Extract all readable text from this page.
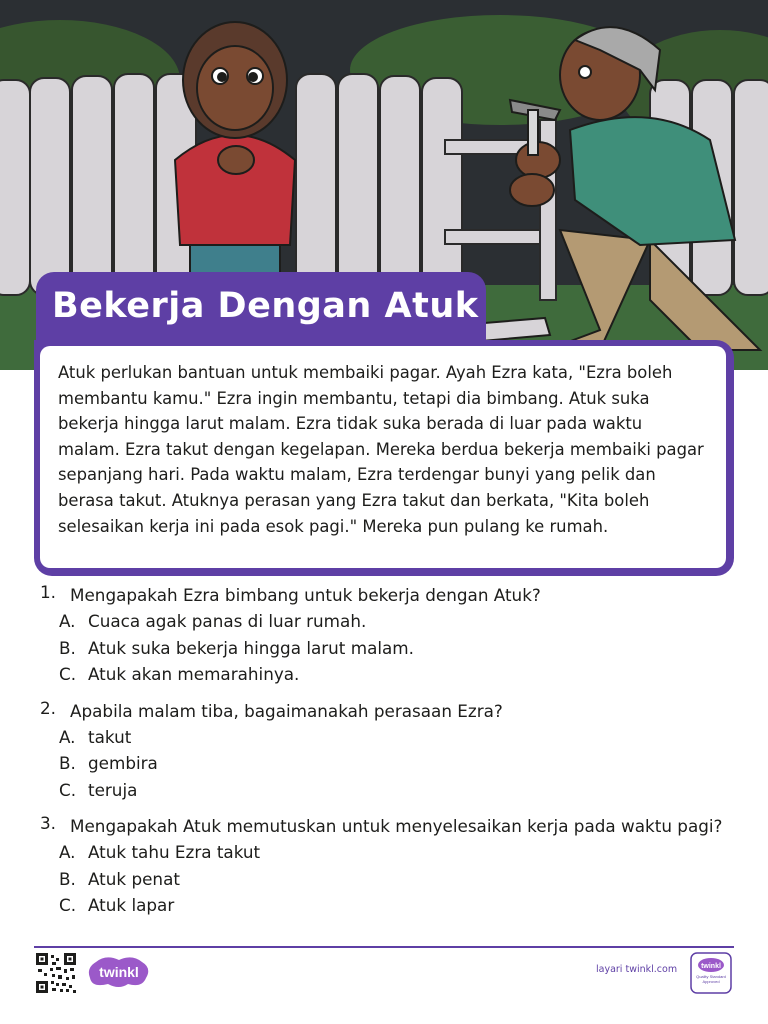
Bekerja Dengan Atuk
Atuk perlukan bantuan untuk membaiki pagar. Ayah Ezra kata, "Ezra boleh membantu kamu." Ezra ingin membantu, tetapi dia bimbang. Atuk suka bekerja hingga larut malam. Ezra tidak suka berada di luar pada waktu malam. Ezra takut dengan kegelapan. Mereka berdua bekerja membaiki pagar sepanjang hari. Pada waktu malam, Ezra terdengar bunyi yang pelik dan berasa takut. Atuknya perasan yang Ezra takut dan berkata, "Kita boleh selesaikan kerja ini pada esok pagi." Mereka pun pulang ke rumah.
1. Mengapakah Ezra bimbang untuk bekerja dengan Atuk?
A. Cuaca agak panas di luar rumah.
B. Atuk suka bekerja hingga larut malam.
C. Atuk akan memarahinya.
2. Apabila malam tiba, bagaimanakah perasaan Ezra?
A. takut
B. gembira
C. teruja
3. Mengapakah Atuk memutuskan untuk menyelesaikan kerja pada waktu pagi?
A. Atuk tahu Ezra takut
B. Atuk penat
C. Atuk lapar
twinkl	layari twinkl.com	twinkl
Quality Standard Approved
